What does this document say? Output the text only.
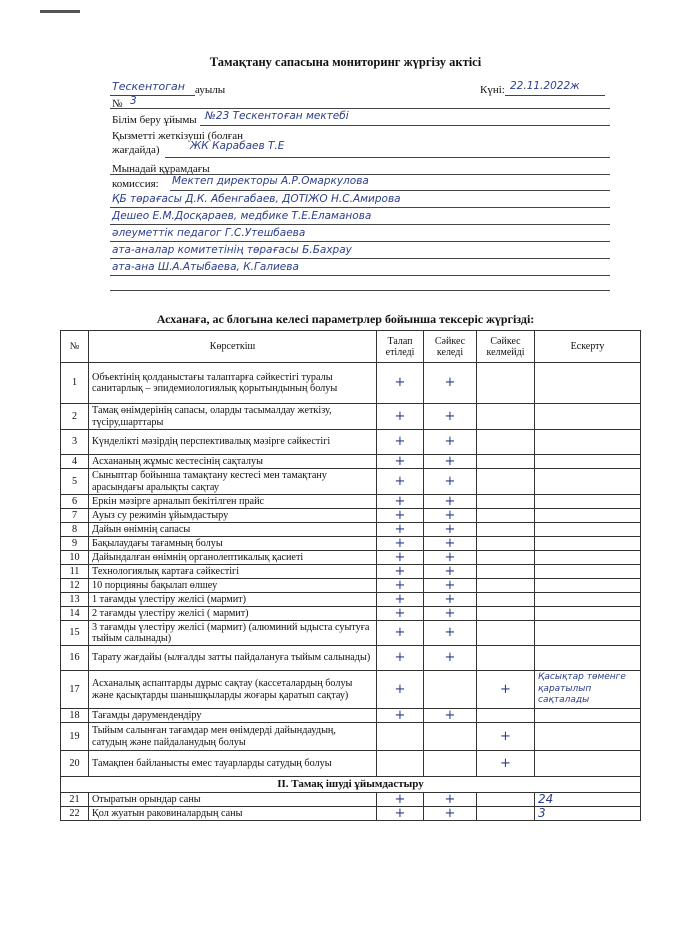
Тамақтану сапасына мониторинг жүргізу актісі
Тескентоган ауылы	Күні: 22.11.2022ж
№ 3
Білім беру ұйымы №23 Тескентоған мектебі
Қызметті жеткізуші (болған
жағдайда)	ЖК Карабаев Т.Е
Мынадай құрамдағы
комиссия: Мектеп директоры А.Р.Омаркулова
ҚБ төрағасы Д.К. Абенгабаев, ДОТІЖО Н.С.Амирова
Дешео Е.М.Досқараев, медбике Т.Е.Еламанова
әлеуметтік педагог Г.С.Утешбаева
ата-аналар комитетінің төрағасы Б.Бахрау
ата-ана Ш.А.Атыбаева, К.Галиева
Асханаға, ас блогына келесі параметрлер бойынша тексеріс жүргізді:
№	Көрсеткіш	Талап етіледі	Сәйкес келеді	Сәйкес келмейді	Ескерту
1	Объектінің қолданыстағы талаптарға сәйкестігі туралы санитарлық – эпидемиологиялық қорытындының болуы	+	+		
2	Тамақ өнімдерінің сапасы, оларды тасымалдау жеткізу, түсіру,шарттары	+	+		
3	Күнделікті мәзірдің перспективалық мәзірге сәйкестігі	+	+		
4	Асхананың жұмыс кестесінің сақталуы	+	+		
5	Сыныптар бойынша тамақтану кестесі мен тамақтану арасындағы аралықты сақтау	+	+		
6	Еркін мәзірге арналып бекітілген прайс	+	+		
7	Ауыз су режимін ұйымдастыру	+	+		
8	Дайын өнімнің сапасы	+	+		
9	Бақылаудағы тағамның болуы	+	+		
10	Дайындалған өнімнің органолептикалық қасиеті	+	+		
11	Технологиялық картаға сәйкестігі	+	+		
12	10 порцияны бақылап өлшеу	+	+		
13	1 тағамды үлестіру желісі (мармит)	+	+		
14	2 тағамды үлестіру желісі ( мармит)	+	+		
15	3 тағамды үлестіру желісі (мармит) (алюминий ыдыста суытуға тыйым салынады)	+	+		
16	Тарату жағдайы (ылғалды затты пайдалануға тыйым салынады)	+	+		
17	Асханалық аспаптарды дұрыс сақтау (кассеталардың болуы және қасықтарды шанышқыларды жоғары қаратып сақтау)	+		+	Қасықтар төменге қаратылып сақталады
18	Тағамды дәрумендендіру	+	+		
19	Тыйым салынған тағамдар мен өнімдерді дайындаудың, сатудың және пайдаланудың болуы			+	
20	Тамақпен байланысты емес тауарларды сатудың болуы			+	
II. Тамақ ішуді ұйымдастыру					
21	Отыратын орындар саны	+	+		24
22	Қол жуатын раковиналардың саны	+	+		3
